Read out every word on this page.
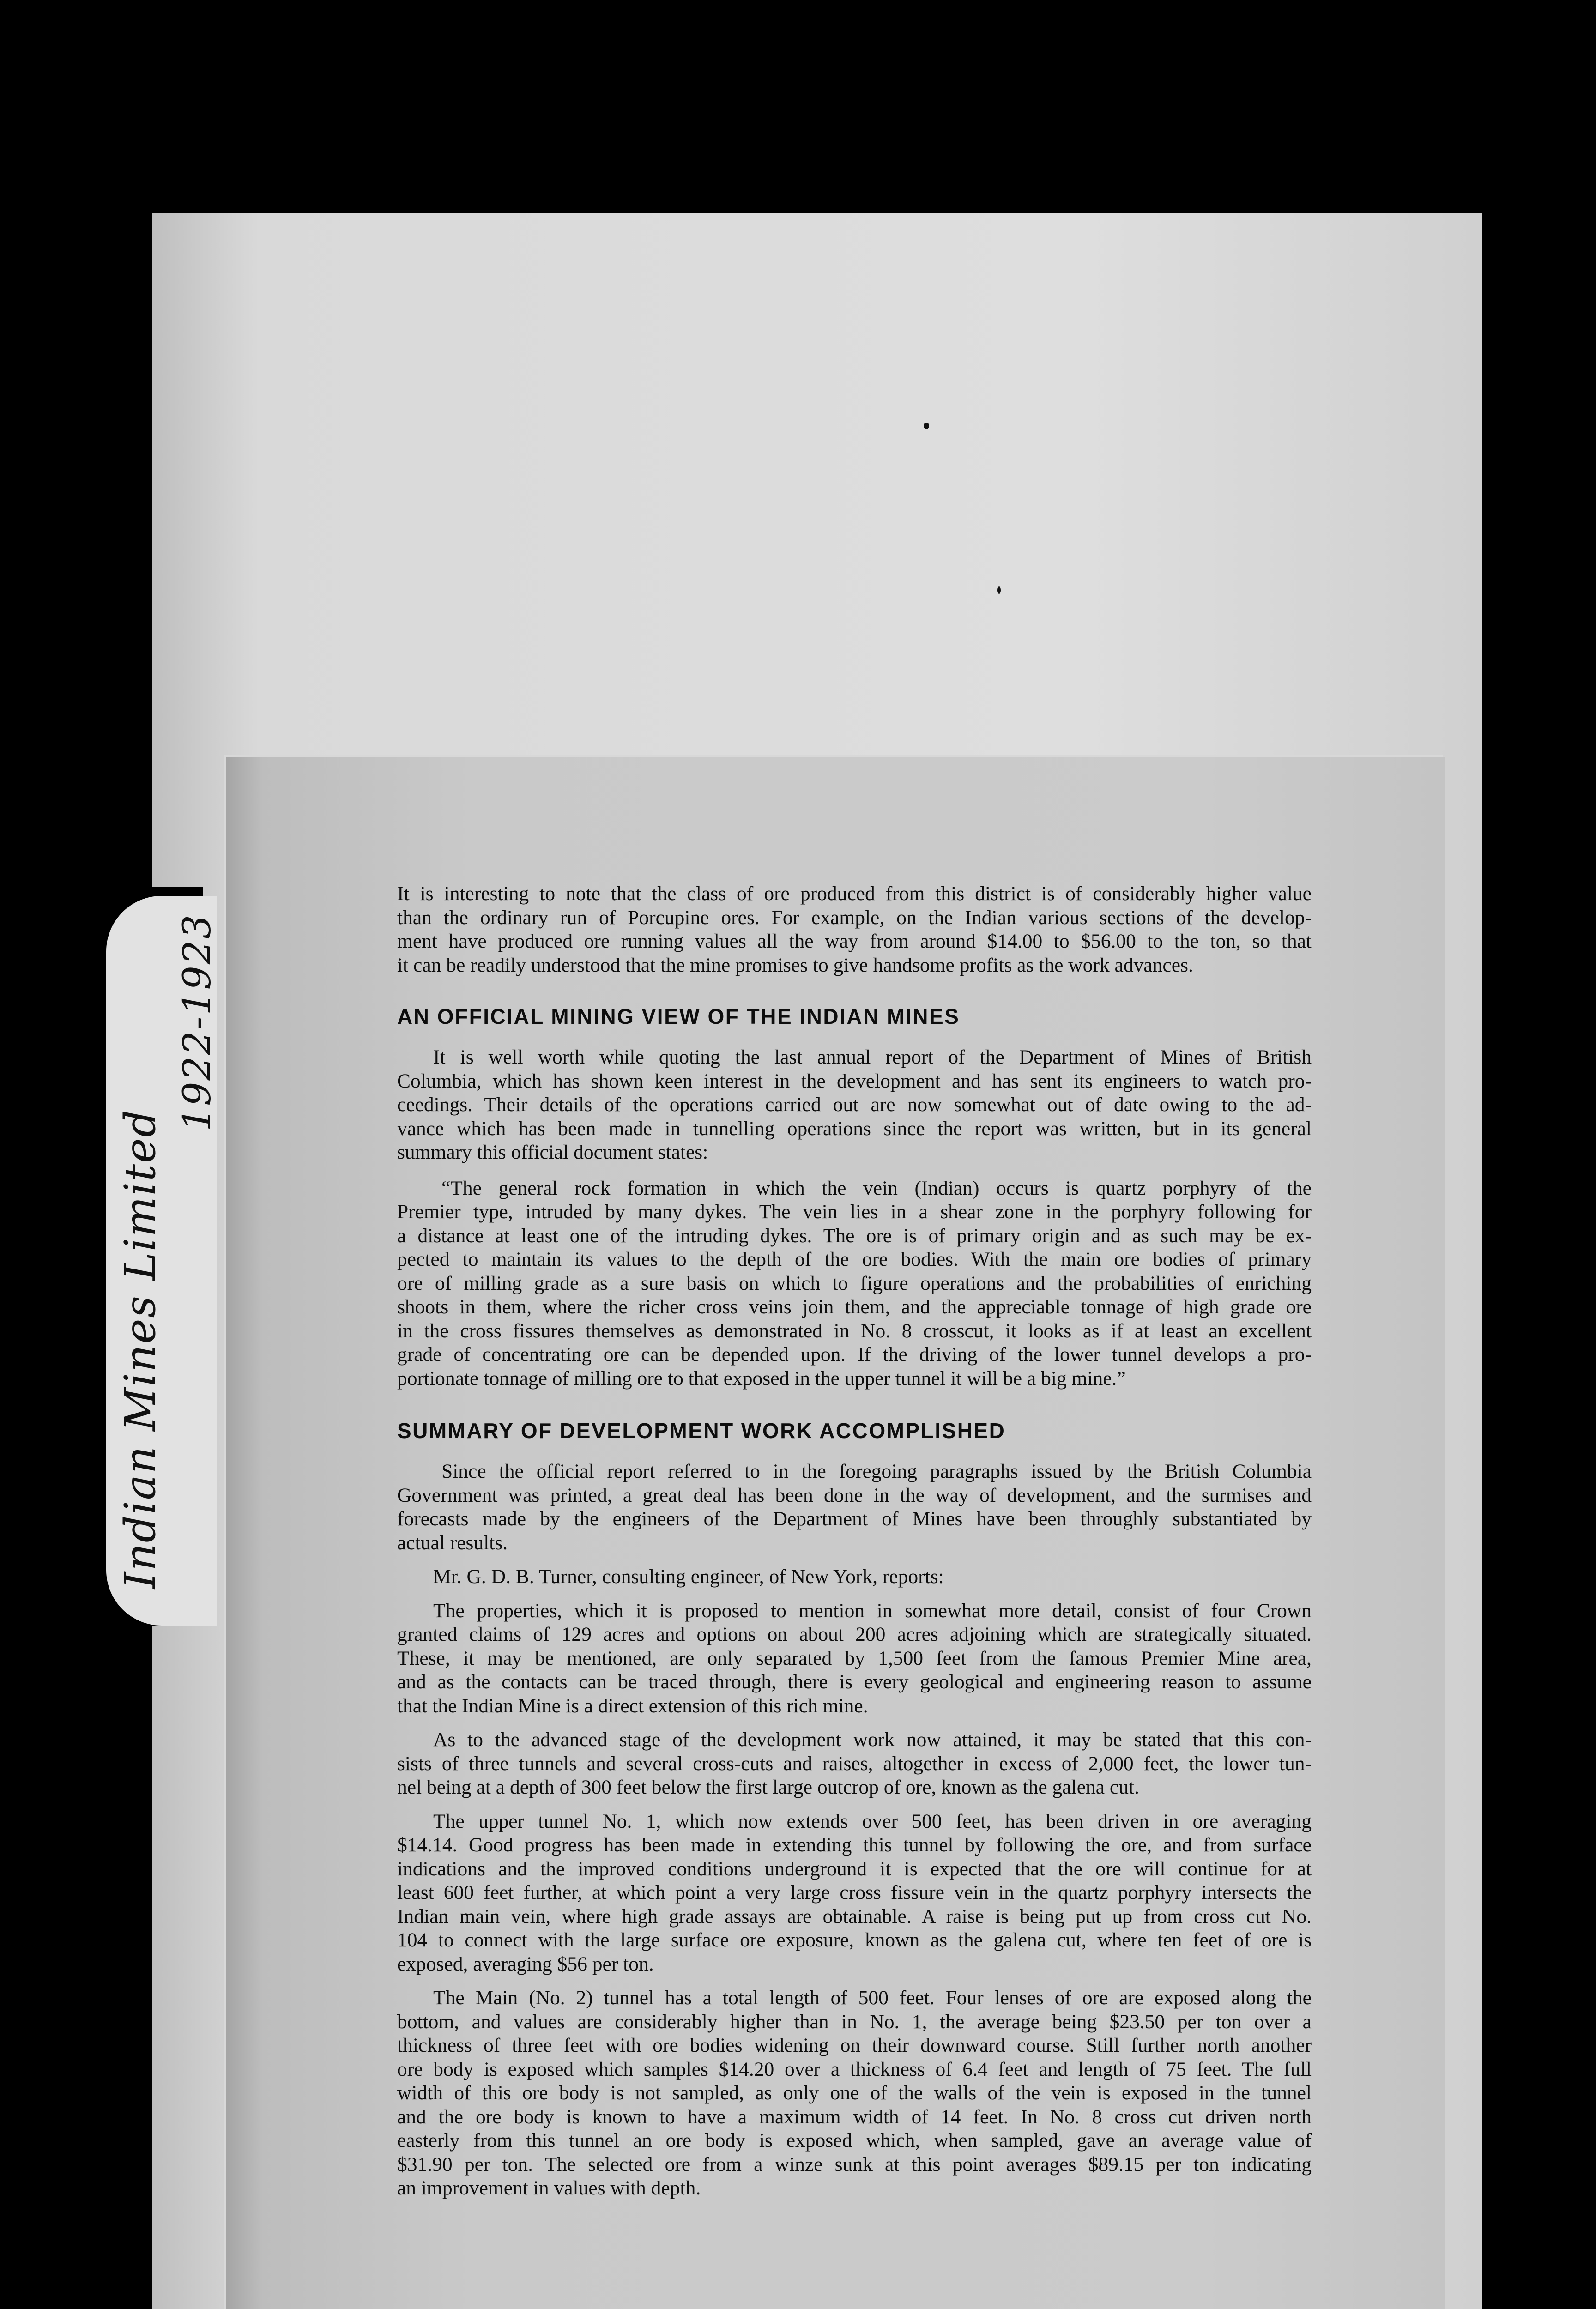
Indian Mines Limited
1922-1923
It is interesting to note that the class of ore produced from this district is of considerably higher value
than the ordinary run of Porcupine ores. For example, on the Indian various sections of the develop-
ment have produced ore running values all the way from around $14.00 to $56.00 to the ton, so that
it can be readily understood that the mine promises to give handsome profits as the work advances.
AN OFFICIAL MINING VIEW OF THE INDIAN MINES
It is well worth while quoting the last annual report of the Department of Mines of British
Columbia, which has shown keen interest in the development and has sent its engineers to watch pro-
ceedings. Their details of the operations carried out are now somewhat out of date owing to the ad-
vance which has been made in tunnelling operations since the report was written, but in its general
summary this official document states:
“The general rock formation in which the vein (Indian) occurs is quartz porphyry of the
Premier type, intruded by many dykes. The vein lies in a shear zone in the porphyry following for
a distance at least one of the intruding dykes. The ore is of primary origin and as such may be ex-
pected to maintain its values to the depth of the ore bodies. With the main ore bodies of primary
ore of milling grade as a sure basis on which to figure operations and the probabilities of enriching
shoots in them, where the richer cross veins join them, and the appreciable tonnage of high grade ore
in the cross fissures themselves as demonstrated in No. 8 crosscut, it looks as if at least an excellent
grade of concentrating ore can be depended upon. If the driving of the lower tunnel develops a pro-
portionate tonnage of milling ore to that exposed in the upper tunnel it will be a big mine.”
SUMMARY OF DEVELOPMENT WORK ACCOMPLISHED
Since the official report referred to in the foregoing paragraphs issued by the British Columbia
Government was printed, a great deal has been done in the way of development, and the surmises and
forecasts made by the engineers of the Department of Mines have been throughly substantiated by
actual results.
Mr. G. D. B. Turner, consulting engineer, of New York, reports:
The properties, which it is proposed to mention in somewhat more detail, consist of four Crown
granted claims of 129 acres and options on about 200 acres adjoining which are strategically situated.
These, it may be mentioned, are only separated by 1,500 feet from the famous Premier Mine area,
and as the contacts can be traced through, there is every geological and engineering reason to assume
that the Indian Mine is a direct extension of this rich mine.
As to the advanced stage of the development work now attained, it may be stated that this con-
sists of three tunnels and several cross-cuts and raises, altogether in excess of 2,000 feet, the lower tun-
nel being at a depth of 300 feet below the first large outcrop of ore, known as the galena cut.
The upper tunnel No. 1, which now extends over 500 feet, has been driven in ore averaging
$14.14. Good progress has been made in extending this tunnel by following the ore, and from surface
indications and the improved conditions underground it is expected that the ore will continue for at
least 600 feet further, at which point a very large cross fissure vein in the quartz porphyry intersects the
Indian main vein, where high grade assays are obtainable. A raise is being put up from cross cut No.
104 to connect with the large surface ore exposure, known as the galena cut, where ten feet of ore is
exposed, averaging $56 per ton.
The Main (No. 2) tunnel has a total length of 500 feet. Four lenses of ore are exposed along the
bottom, and values are considerably higher than in No. 1, the average being $23.50 per ton over a
thickness of three feet with ore bodies widening on their downward course. Still further north another
ore body is exposed which samples $14.20 over a thickness of 6.4 feet and length of 75 feet. The full
width of this ore body is not sampled, as only one of the walls of the vein is exposed in the tunnel
and the ore body is known to have a maximum width of 14 feet. In No. 8 cross cut driven north
easterly from this tunnel an ore body is exposed which, when sampled, gave an average value of
$31.90 per ton. The selected ore from a winze sunk at this point averages $89.15 per ton indicating
an improvement in values with depth.
